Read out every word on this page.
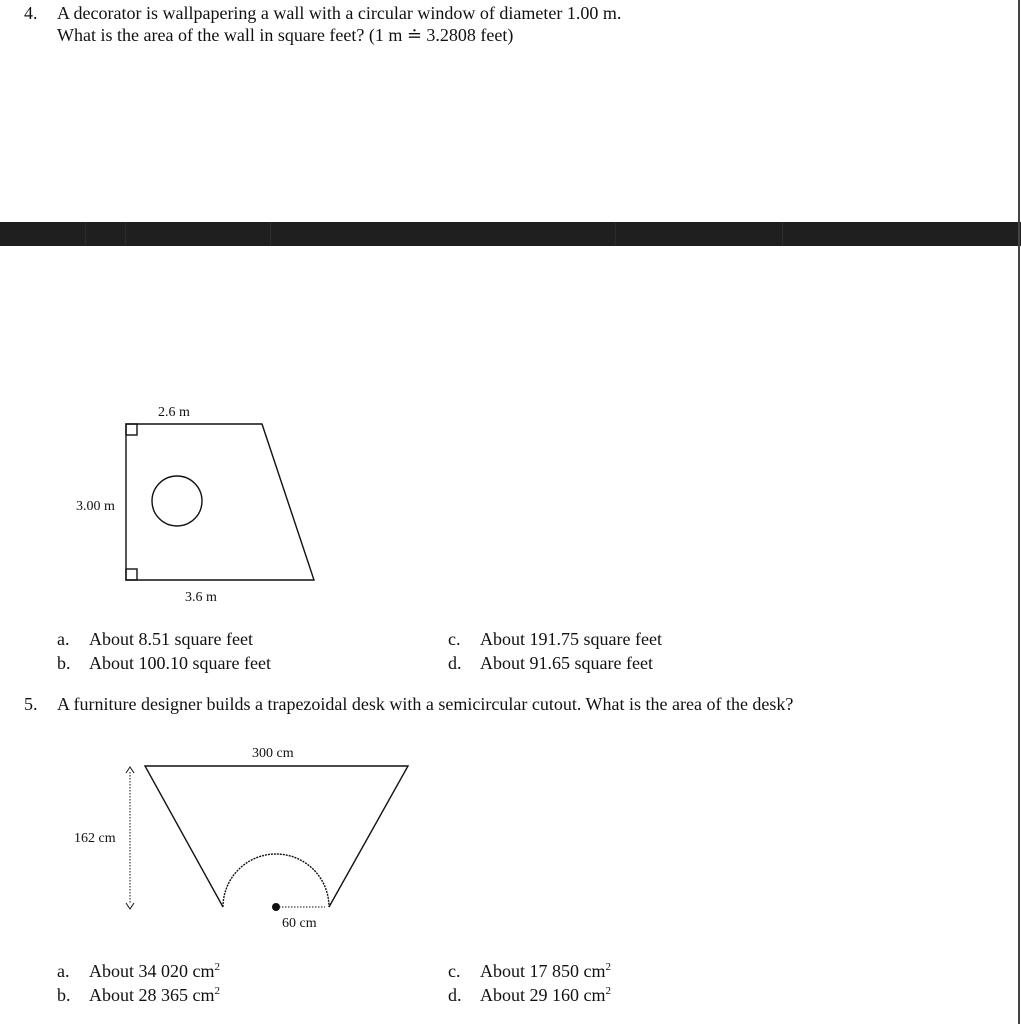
4. A decorator is wallpapering a wall with a circular window of diameter 1.00 m.
What is the area of the wall in square feet? (1 m ≐ 3.2808 feet)
2.6 m
3.00 m
3.6 m
300 cm
162 cm
60 cm
a. About 8.51 square feet
b. About 100.10 square feet
c. About 191.75 square feet
d. About 91.65 square feet
5. A furniture designer builds a trapezoidal desk with a semicircular cutout. What is the area of the desk?
a. About 34 020 $cm^2$
b. About 28 365 $cm^2$
c. About 17 850 $cm^2$
d. About 29 160 $cm^2$
